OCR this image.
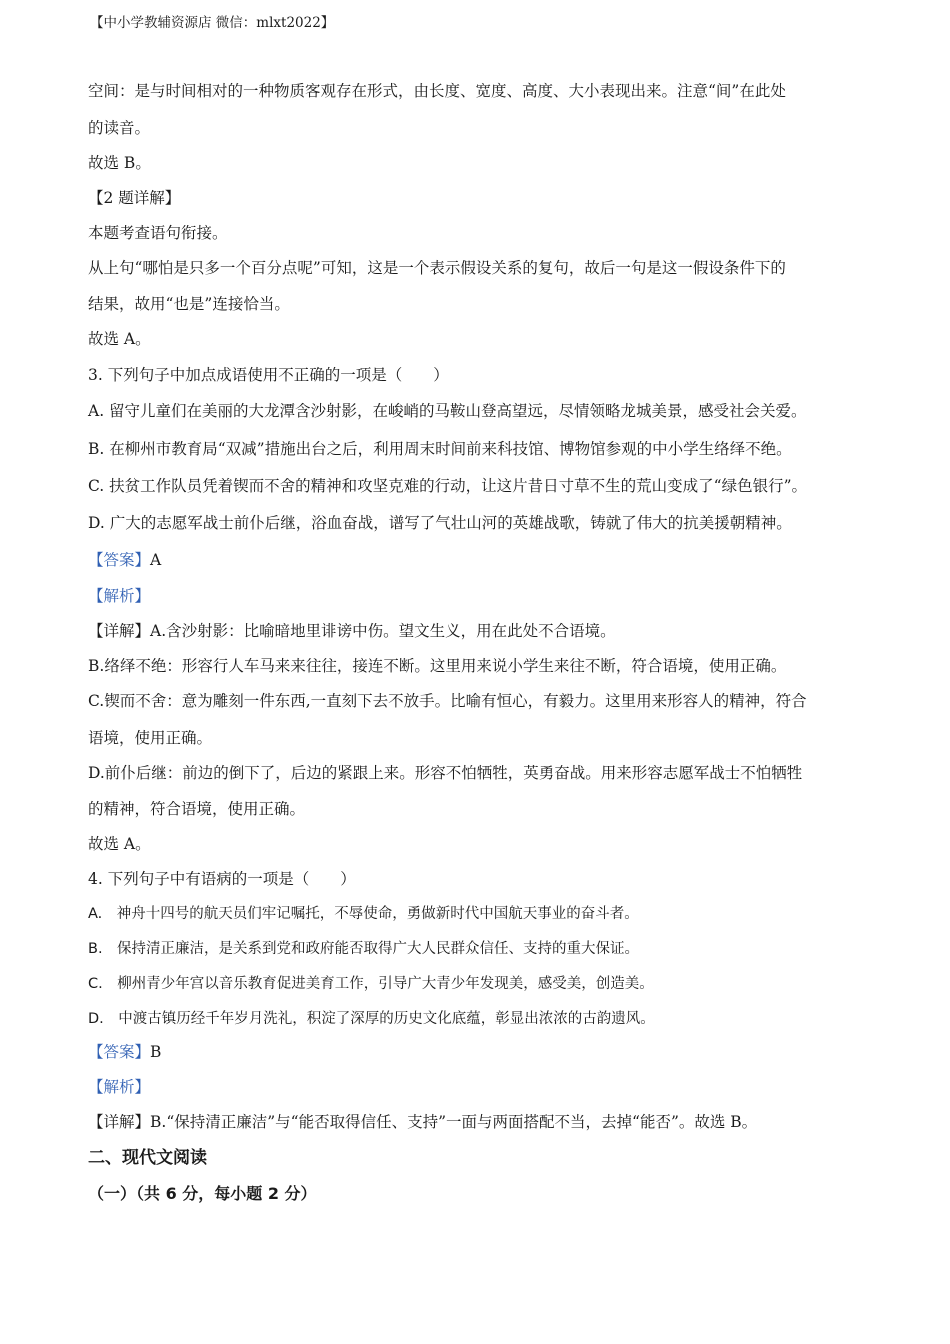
【中小学教辅资源店 微信：mlxt2022】
空间：是与时间相对的一种物质客观存在形式，由长度、宽度、高度、大小表现出来。注意“间”在此处
的读音。
故选 B。
【2 题详解】
本题考查语句衔接。
从上句“哪怕是只多一个百分点呢”可知，这是一个表示假设关系的复句，故后一句是这一假设条件下的
结果，故用“也是”连接恰当。
故选 A。
3. 下列句子中加点成语使用不正确的一项是（　　）
A. 留守儿童们在美丽的大龙潭含沙射影，在峻峭的马鞍山登高望远，尽情领略龙城美景，感受社会关爱。
B. 在柳州市教育局“双减”措施出台之后，利用周末时间前来科技馆、博物馆参观的中小学生络绎不绝。
C. 扶贫工作队员凭着锲而不舍的精神和攻坚克难的行动，让这片昔日寸草不生的荒山变成了“绿色银行”。
D. 广大的志愿军战士前仆后继，浴血奋战，谱写了气壮山河的英雄战歌，铸就了伟大的抗美援朝精神。
【答案】A
【解析】
【详解】A.含沙射影：比喻暗地里诽谤中伤。望文生义，用在此处不合语境。
B.络绎不绝：形容行人车马来来往往，接连不断。这里用来说小学生来往不断，符合语境，使用正确。
C.锲而不舍：意为雕刻一件东西,一直刻下去不放手。比喻有恒心，有毅力。这里用来形容人的精神，符合
语境，使用正确。
D.前仆后继：前边的倒下了，后边的紧跟上来。形容不怕牺牲，英勇奋战。用来形容志愿军战士不怕牺牲
的精神，符合语境，使用正确。
故选 A。
4. 下列句子中有语病的一项是（　　）
A.　神舟十四号的航天员们牢记嘱托，不辱使命，勇做新时代中国航天事业的奋斗者。
B.　保持清正廉洁，是关系到党和政府能否取得广大人民群众信任、支持的重大保证。
C.　柳州青少年宫以音乐教育促进美育工作，引导广大青少年发现美，感受美，创造美。
D.　中渡古镇历经千年岁月洗礼，积淀了深厚的历史文化底蕴，彰显出浓浓的古韵遗风。
【答案】B
【解析】
【详解】B.“保持清正廉洁”与“能否取得信任、支持”一面与两面搭配不当，去掉“能否”。故选 B。
二、现代文阅读
（一）（共 6 分，每小题 2 分）
